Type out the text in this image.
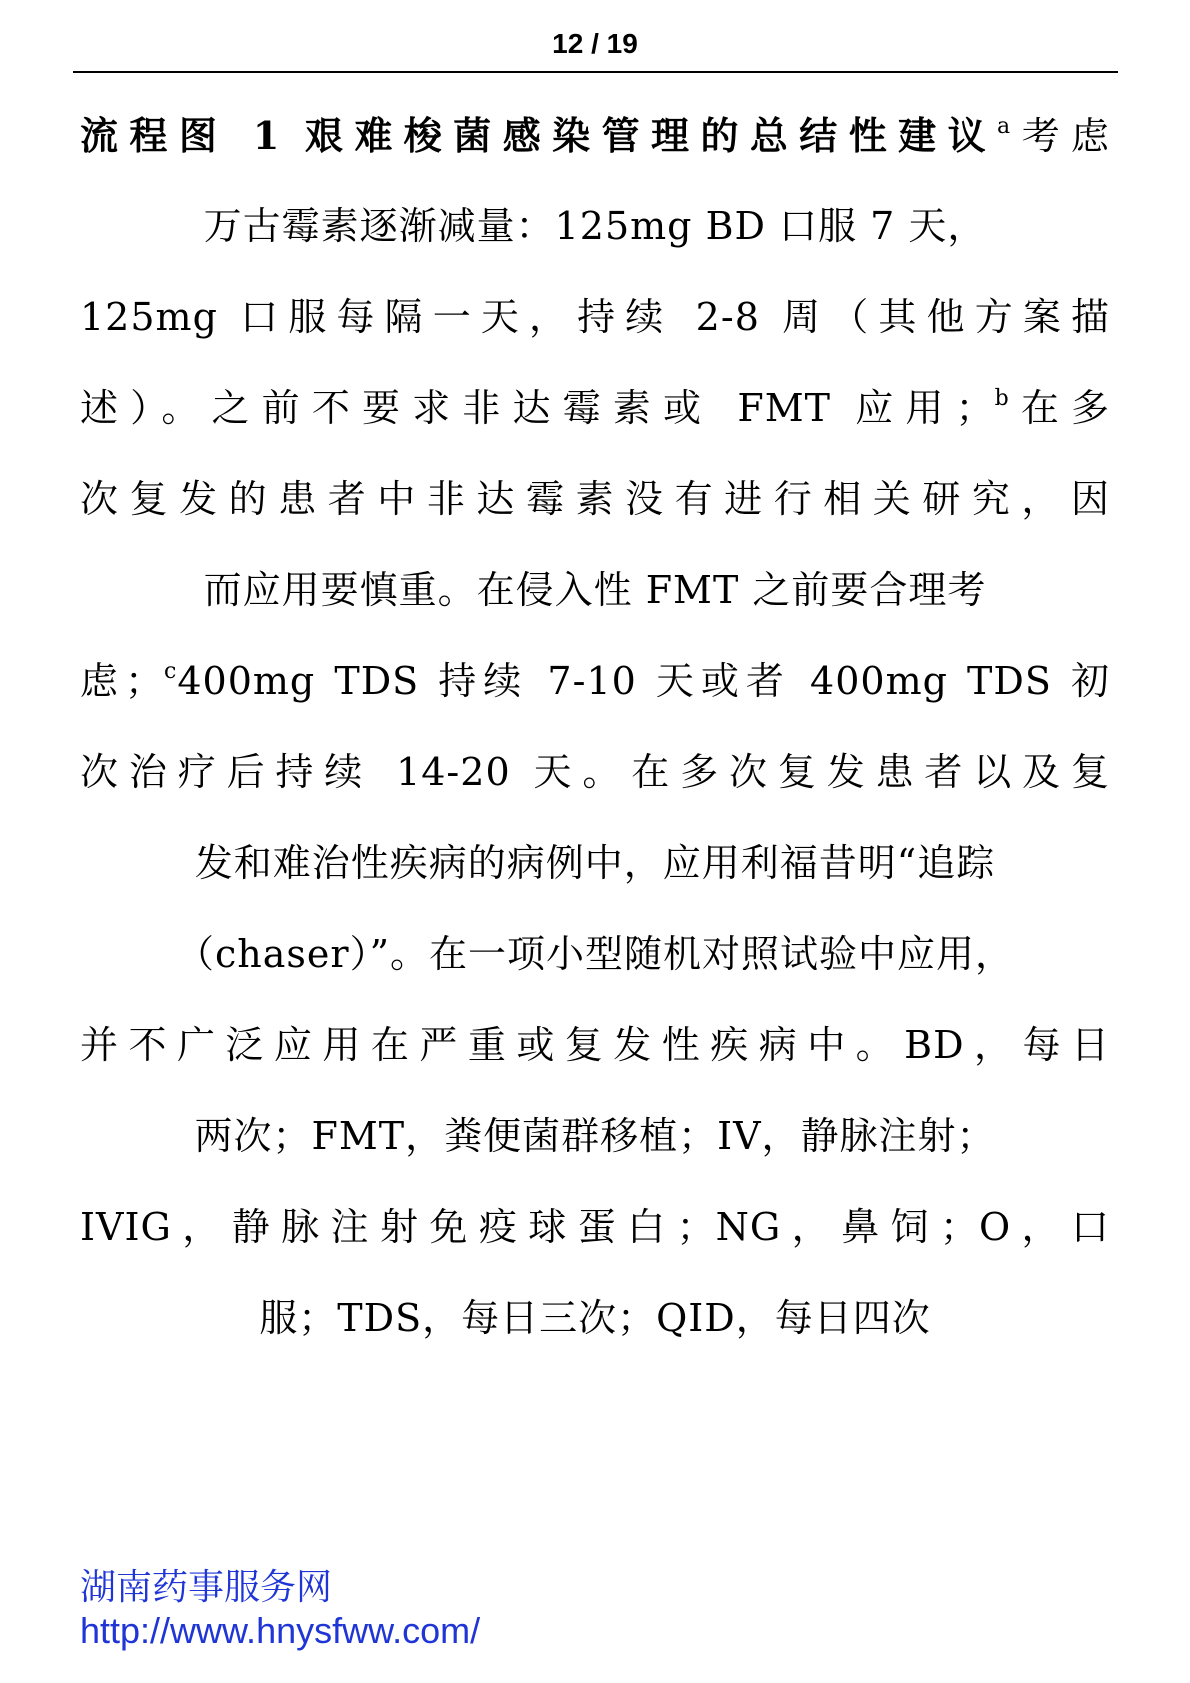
12 / 19
流程图 1 艰难梭菌感染管理的总结性建议$^a$考虑
万古霉素逐渐减量：125mg BD 口服 7 天，
125mg 口服每隔一天，持续 2-8 周（其他方案描
述）。之前不要求非达霉素或 FMT 应用；$^b$在多
次复发的患者中非达霉素没有进行相关研究，因
而应用要慎重。在侵入性 FMT 之前要合理考
虑；$^c$400mg TDS 持续 7-10 天或者 400mg TDS 初
次治疗后持续 14-20 天。在多次复发患者以及复
发和难治性疾病的病例中，应用利福昔明“追踪
（chaser）”。在一项小型随机对照试验中应用，
并不广泛应用在严重或复发性疾病中。BD，每日
两次；FMT，粪便菌群移植；IV，静脉注射；
IVIG，静脉注射免疫球蛋白；NG，鼻饲；O，口
服；TDS，每日三次；QID，每日四次
湖南药事服务网
http://www.hnysfww.com/
